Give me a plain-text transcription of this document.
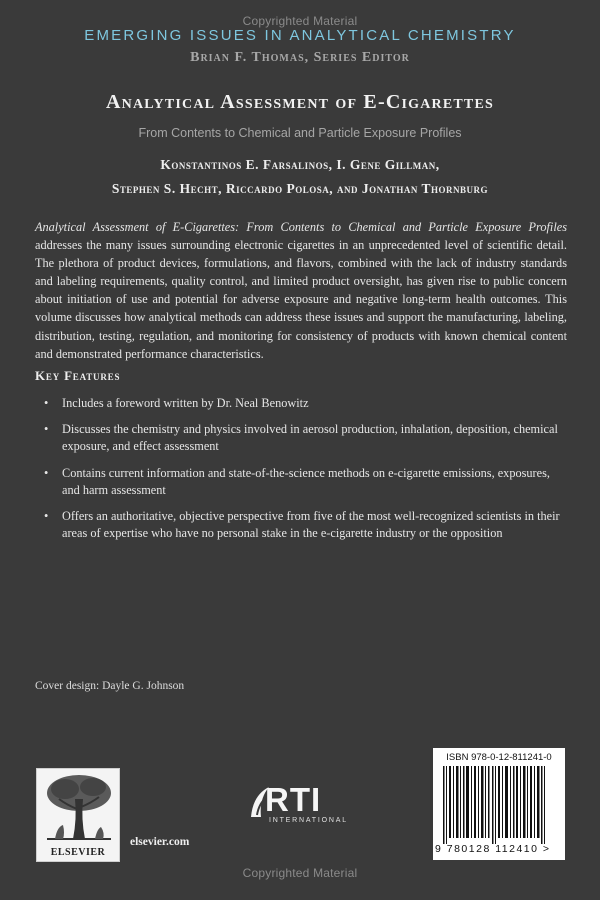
Copyrighted Material
EMERGING ISSUES IN ANALYTICAL CHEMISTRY
Brian F. Thomas, Series Editor
Analytical Assessment of E-Cigarettes
From Contents to Chemical and Particle Exposure Profiles
Konstantinos E. Farsalinos, I. Gene Gillman,
Stephen S. Hecht, Riccardo Polosa, and Jonathan Thornburg
Analytical Assessment of E-Cigarettes: From Contents to Chemical and Particle Exposure Profiles addresses the many issues surrounding electronic cigarettes in an unprecedented level of scientific detail. The plethora of product devices, formulations, and flavors, combined with the lack of industry standards and labeling requirements, quality control, and limited product oversight, has given rise to public concern about initiation of use and potential for adverse exposure and negative long-term health outcomes. This volume discusses how analytical methods can address these issues and support the manufacturing, labeling, distribution, testing, regulation, and monitoring for consistency of products with known chemical content and demonstrated performance characteristics.
Key Features
• Includes a foreword written by Dr. Neal Benowitz
• Discusses the chemistry and physics involved in aerosol production, inhalation, deposition, chemical exposure, and effect assessment
• Contains current information and state-of-the-science methods on e-cigarette emissions, exposures, and harm assessment
• Offers an authoritative, objective perspective from five of the most well-recognized scientists in their areas of expertise who have no personal stake in the e-cigarette industry or the opposition
Cover design: Dayle G. Johnson
ELSEVIER
elsevier.com
RTI
INTERNATIONAL
ISBN 978-0-12-811241-0
9 780128 112410 >
Copyrighted Material
